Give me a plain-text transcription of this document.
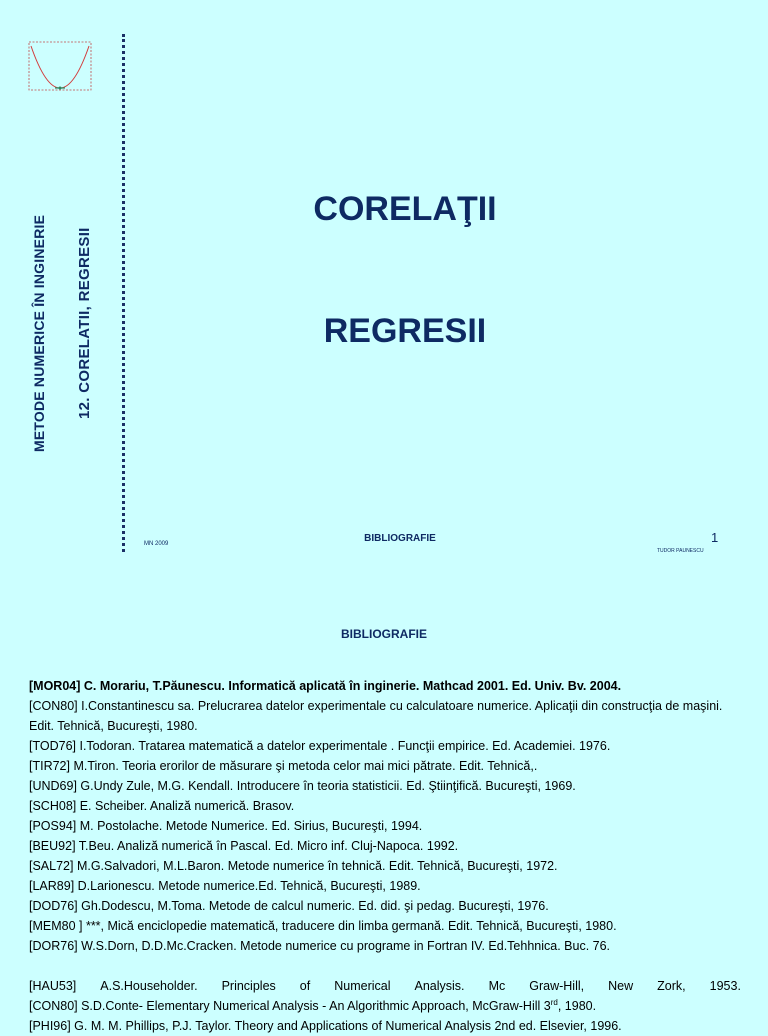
METODE NUMERICE ÎN INGINERIE 12. CORELATII, REGRESII
CORELAŢII
REGRESII
MN 2009	BIBLIOGRAFIE	1
TUDOR PAUNESCU
BIBLIOGRAFIE
[MOR04] C. Morariu, T.Păunescu. Informatică aplicată în inginerie. Mathcad 2001. Ed. Univ. Bv. 2004.
[CON80] I.Constantinescu sa. Prelucrarea datelor experimentale cu calculatoare numerice. Aplicaţii din construcţia de maşini. Edit. Tehnică, Bucureşti, 1980.
[TOD76] I.Todoran. Tratarea matematică a datelor experimentale . Funcţii empirice. Ed. Academiei. 1976.
[TIR72] M.Tiron. Teoria erorilor de măsurare şi metoda celor mai mici pătrate. Edit. Tehnică,.
[UND69] G.Undy Zule, M.G. Kendall. Introducere în teoria statisticii. Ed. Ştiinţifică. Bucureşti, 1969.
[SCH08] E. Scheiber. Analiză numerică. Brasov.
[POS94] M. Postolache. Metode Numerice. Ed. Sirius, Bucureşti, 1994.
[BEU92] T.Beu. Analiză numerică în Pascal. Ed. Micro inf. Cluj-Napoca. 1992.
[SAL72] M.G.Salvadori, M.L.Baron. Metode numerice în tehnică. Edit. Tehnică, Bucureşti, 1972.
[LAR89] D.Larionescu. Metode numerice.Ed. Tehnică, Bucureşti, 1989.
[DOD76] Gh.Dodescu, M.Toma. Metode de calcul numeric. Ed. did. şi pedag. Bucureşti, 1976.
[MEM80 ] ***, Mică enciclopedie matematică, traducere din limba germană. Edit. Tehnică, Bucureşti, 1980.
[DOR76] W.S.Dorn, D.D.Mc.Cracken. Metode numerice cu programe in Fortran IV. Ed.Tehhnica. Buc. 76.
[HAU53] A.S.Householder. Principles of Numerical Analysis. Mc Graw-Hill, New Zork, 1953.
[CON80] S.D.Conte- Elementary Numerical Analysis - An Algorithmic Approach, McGraw-Hill 3rd, 1980.
[PHI96] G. M. M. Phillips, P.J. Taylor. Theory and Applications of Numerical Analysis 2nd ed. Elsevier, 1996.
